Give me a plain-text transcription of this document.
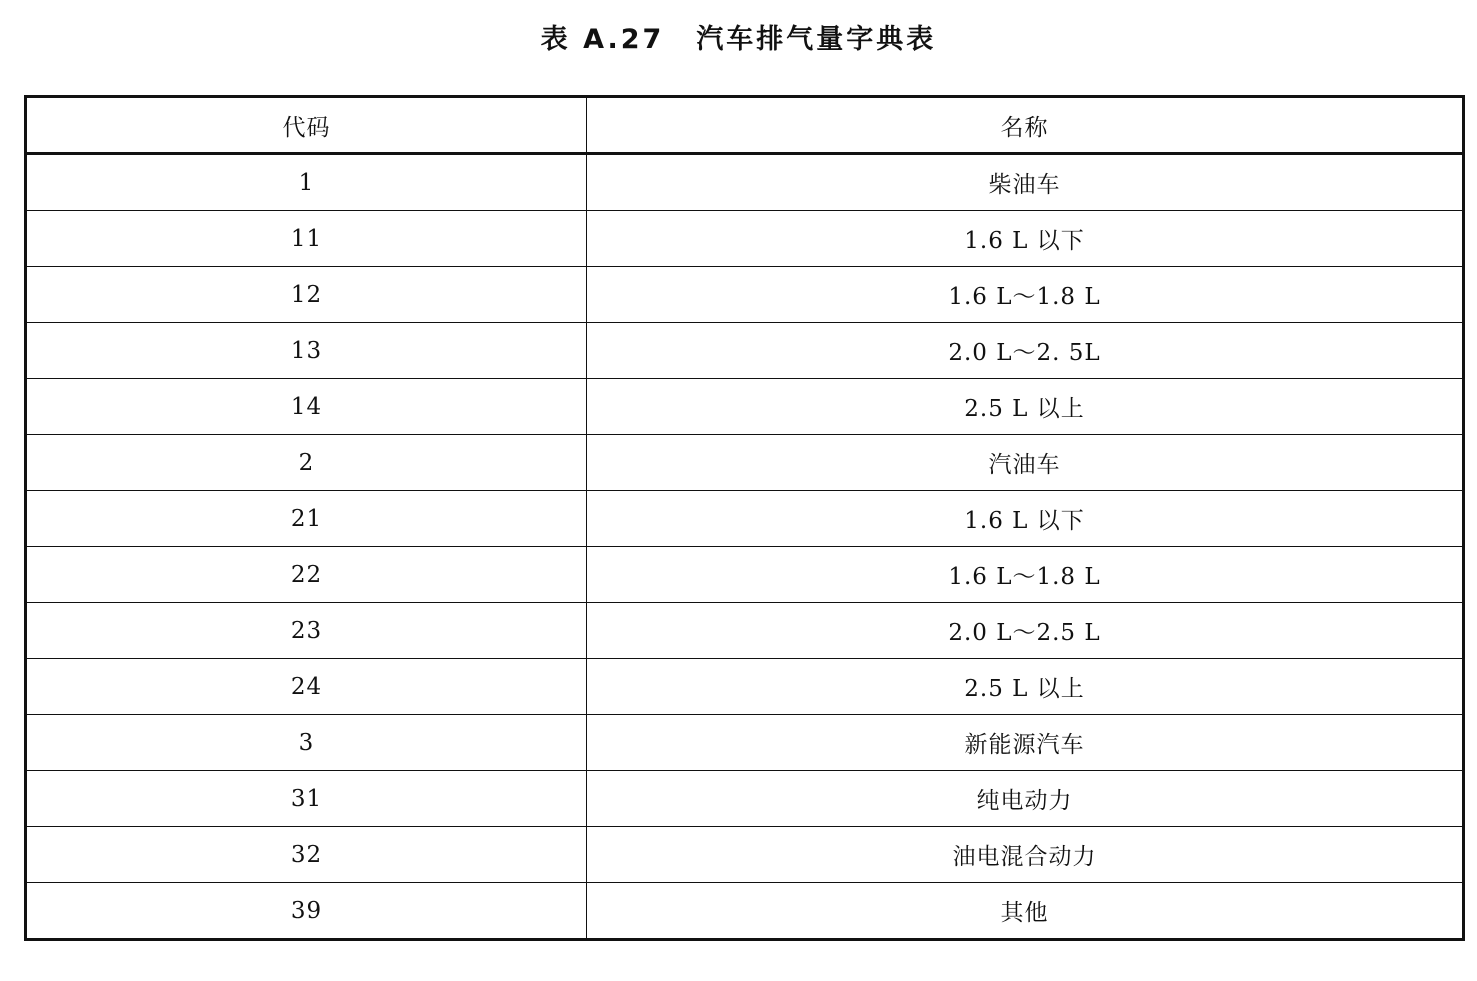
表 A.27 汽车排气量字典表
代码	名称
1	柴油车
11	1.6 L 以下
12	1.6 L～1.8 L
13	2.0 L～2. 5L
14	2.5 L 以上
2	汽油车
21	1.6 L 以下
22	1.6 L～1.8 L
23	2.0 L～2.5 L
24	2.5 L 以上
3	新能源汽车
31	纯电动力
32	油电混合动力
39	其他
